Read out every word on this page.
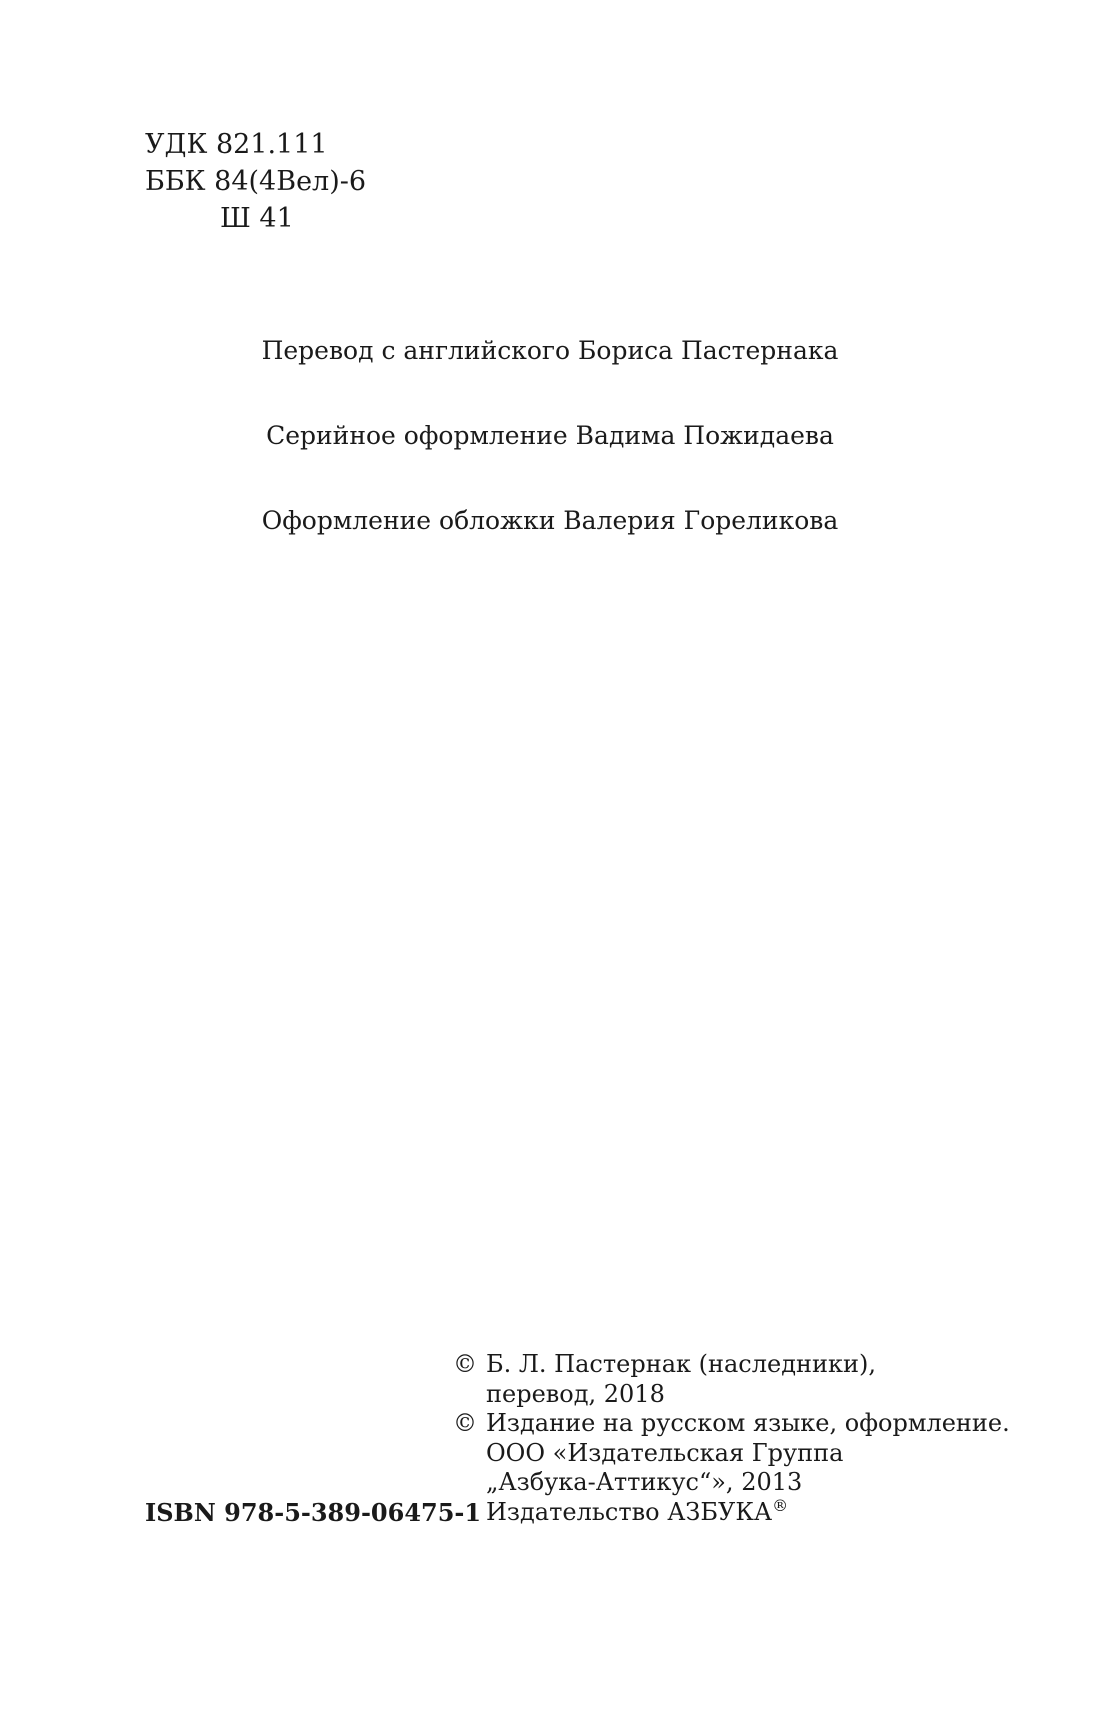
УДК 821.111
ББК 84(4Вел)-6
Ш 41
Перевод с английского Бориса Пастернака
Серийное оформление Вадима Пожидаева
Оформление обложки Валерия Гореликова
© Б. Л. Пастернак (наследники),
перевод, 2018
© Издание на русском языке, оформление.
ООО «Издательская Группа
„Азбука-Аттикус“», 2013
Издательство АЗБУКА®
ISBN 978-5-389-06475-1
